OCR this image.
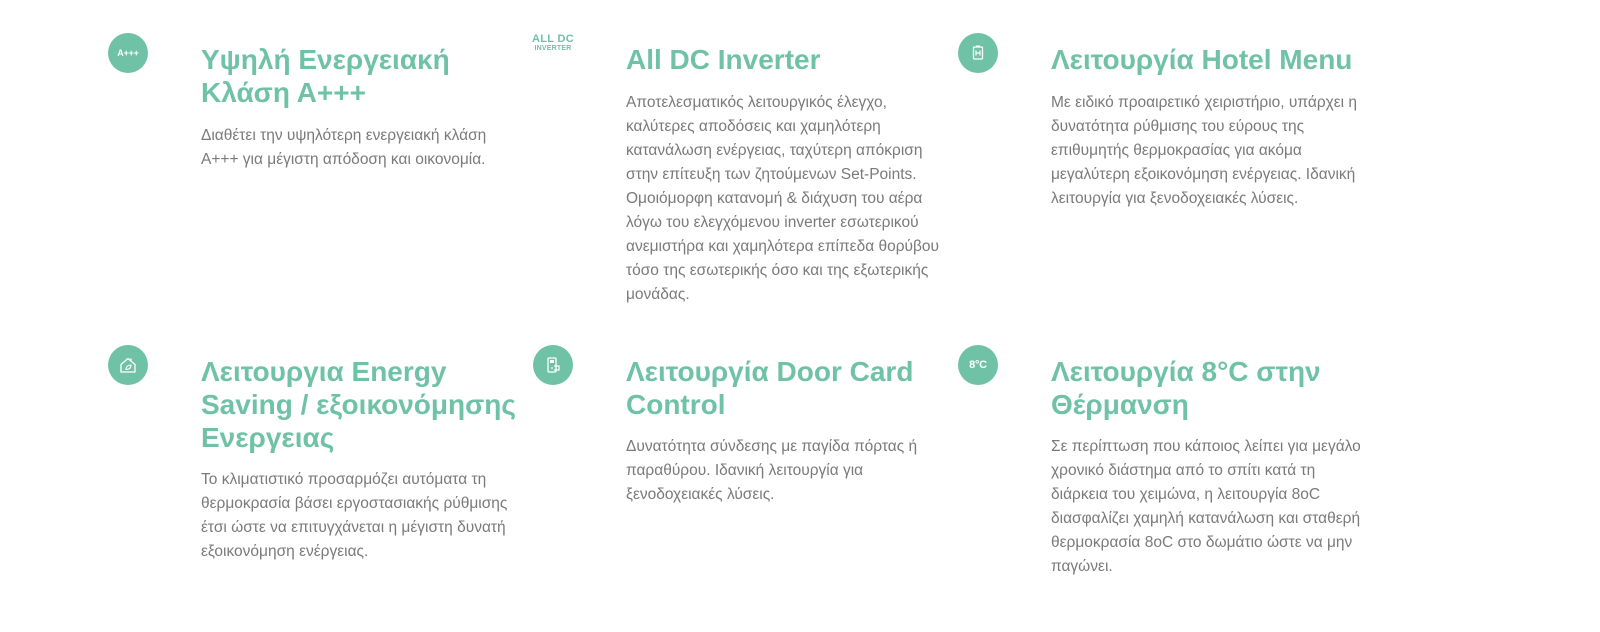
A+++ Υψηλή Ενεργειακή Κλάση Α+++

Διαθέτει την υψηλότερη ενεργειακή κλάση Α+++ για μέγιστη απόδοση και οικονομία.

ALL DC
INVERTER	All DC Inverter

Αποτελεσματικός λειτουργικός έλεγχο, καλύτερες αποδόσεις και χαμηλότερη κατανάλωση ενέργειας, ταχύτερη απόκριση στην επίτευξη των ζητούμενων Set-Points. Ομοιόμορφη κατανομή & διάχυση του αέρα λόγω του ελεγχόμενου inverter εσωτερικού ανεμιστήρα και χαμηλότερα επίπεδα θορύβου τόσο της εσωτερικής όσο και της εξωτερικής μονάδας.

Λειτουργία Hotel Menu

Με ειδικό προαιρετικό χειριστήριο, υπάρχει η δυνατότητα ρύθμισης του εύρους της επιθυμητής θερμοκρασίας για ακόμα μεγαλύτερη εξοικονόμηση ενέργειας. Ιδανική λειτουργία για ξενοδοχειακές λύσεις.

Λειτουργια Energy Saving / εξοικονόμησης Ενεργειας

Το κλιματιστικό προσαρμόζει αυτόματα τη θερμοκρασία βάσει εργοστασιακής ρύθμισης έτσι ώστε να επιτυγχάνεται η μέγιστη δυνατή εξοικονόμηση ενέργειας.

Λειτουργία Door Card Control

Δυνατότητα σύνδεσης με παγίδα πόρτας ή παραθύρου. Ιδανική λειτουργία για ξενοδοχειακές λύσεις.

8°C Λειτουργία 8°C στην Θέρμανση

Σε περίπτωση που κάποιος λείπει για μεγάλο χρονικό διάστημα από το σπίτι κατά τη διάρκεια του χειμώνα, η λειτουργία 8oC διασφαλίζει χαμηλή κατανάλωση και σταθερή θερμοκρασία 8oC στο δωμάτιο ώστε να μην παγώνει.
